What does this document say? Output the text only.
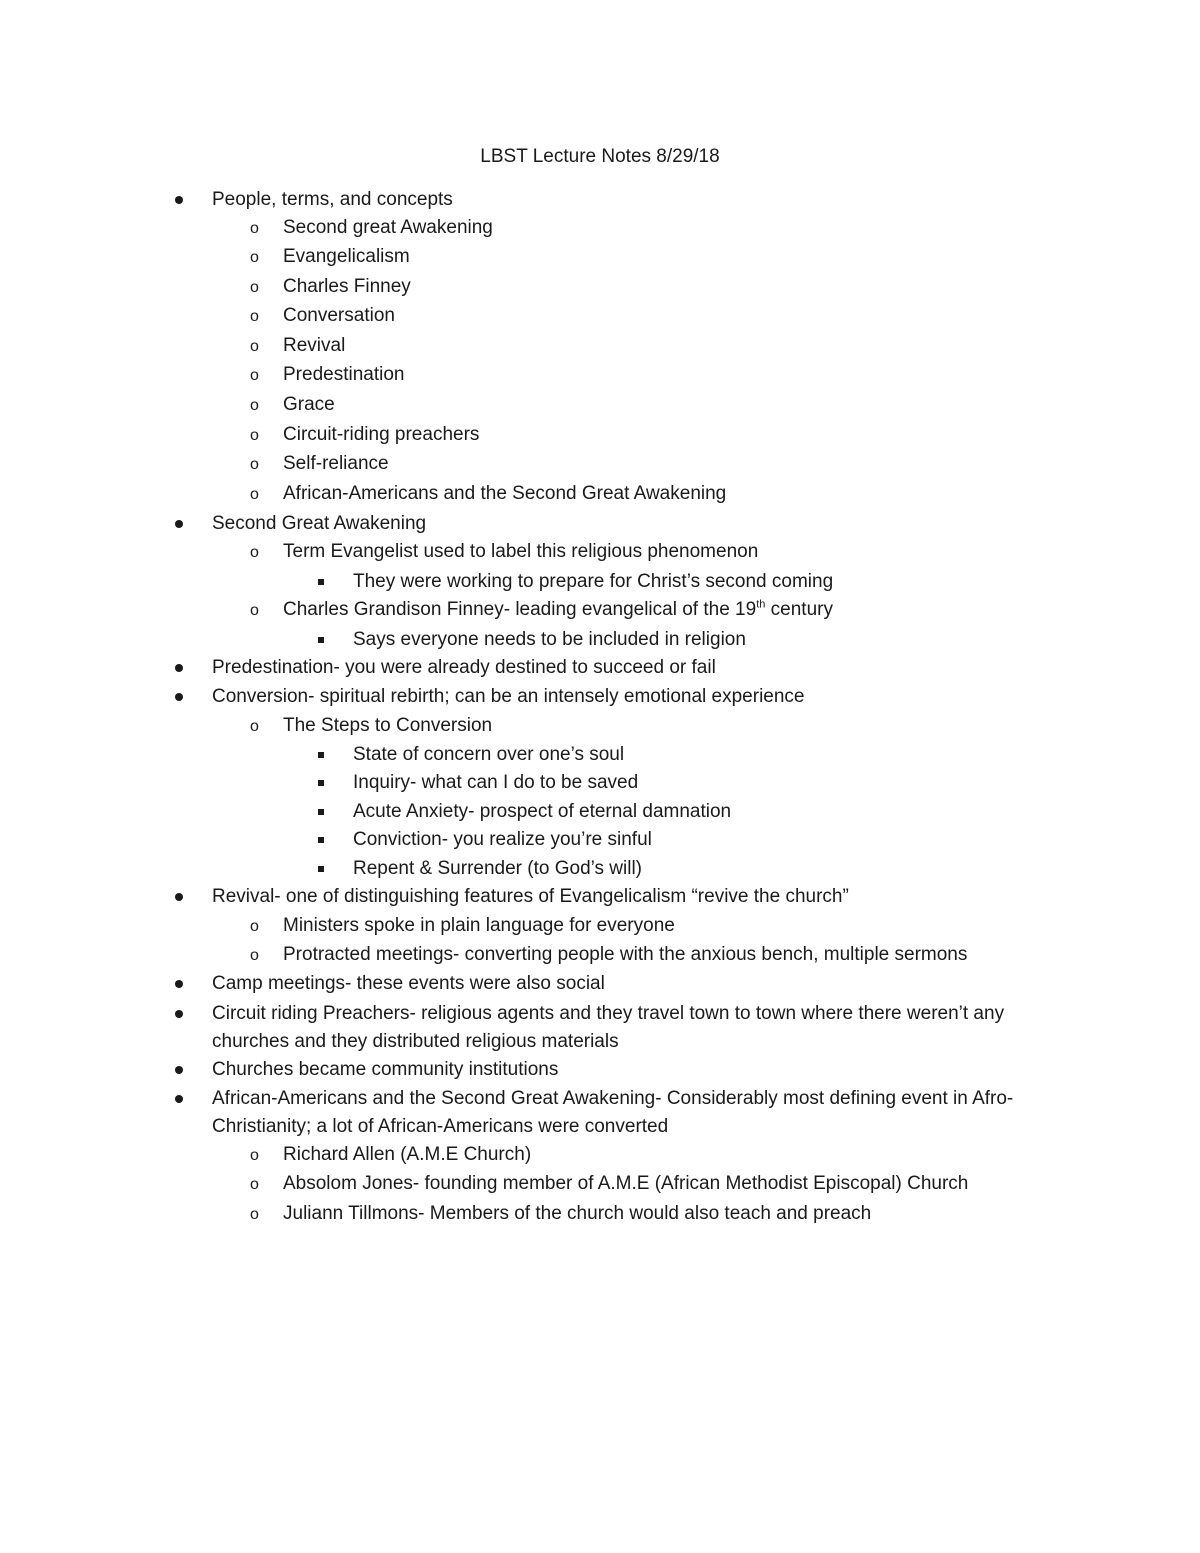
LBST Lecture Notes 8/29/18
People, terms, and concepts
o Second great Awakening
o Evangelicalism
o Charles Finney
o Conversation
o Revival
o Predestination
o Grace
o Circuit-riding preachers
o Self-reliance
o African-Americans and the Second Great Awakening
Second Great Awakening
o Term Evangelist used to label this religious phenomenon
They were working to prepare for Christ’s second coming
o Charles Grandison Finney- leading evangelical of the 19th century
Says everyone needs to be included in religion
Predestination- you were already destined to succeed or fail
Conversion- spiritual rebirth; can be an intensely emotional experience
o The Steps to Conversion
State of concern over one’s soul
Inquiry- what can I do to be saved
Acute Anxiety- prospect of eternal damnation
Conviction- you realize you’re sinful
Repent & Surrender (to God’s will)
Revival- one of distinguishing features of Evangelicalism “revive the church”
o Ministers spoke in plain language for everyone
o Protracted meetings- converting people with the anxious bench, multiple sermons
Camp meetings- these events were also social
Circuit riding Preachers- religious agents and they travel town to town where there weren’t any
churches and they distributed religious materials
Churches became community institutions
African-Americans and the Second Great Awakening- Considerably most defining event in Afro-
Christianity; a lot of African-Americans were converted
o Richard Allen (A.M.E Church)
o Absolom Jones- founding member of A.M.E (African Methodist Episcopal) Church
o Juliann Tillmons- Members of the church would also teach and preach
